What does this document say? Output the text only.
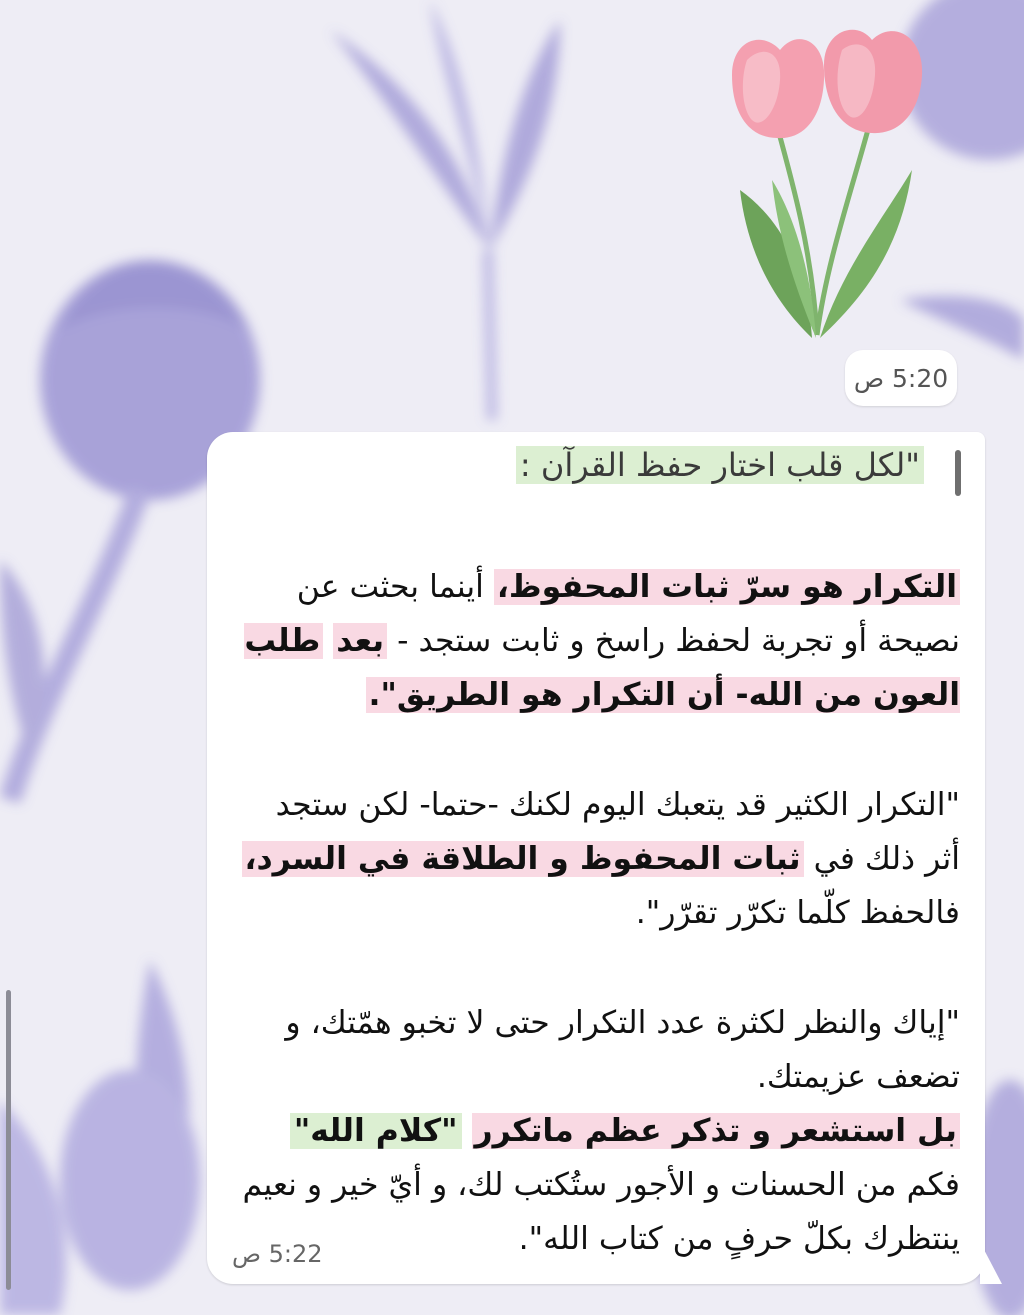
5:20 ص
"لكل قلب اختار حفظ القرآن :

التكرار هو سرّ ثبات المحفوظ، أينما بحثت عن نصيحة أو تجربة لحفظ راسخ و ثابت ستجد - بعد طلب العون من الله- أن التكرار هو الطريق".

"التكرار الكثير قد يتعبك اليوم لكنك -حتما- لكن ستجد أثر ذلك في ثبات المحفوظ و الطلاقة في السرد، فالحفظ كلّما تكرّر تقرّر".

"إياك والنظر لكثرة عدد التكرار حتى لا تخبو همّتك، و تضعف عزيمتك.
بل استشعر و تذكر عظم ماتكرر "كلام الله" فكم من الحسنات و الأجور ستُكتب لك، و أيّ خير و نعيم ينتظرك بكلّ حرفٍ من كتاب الله".

5:22 ص
